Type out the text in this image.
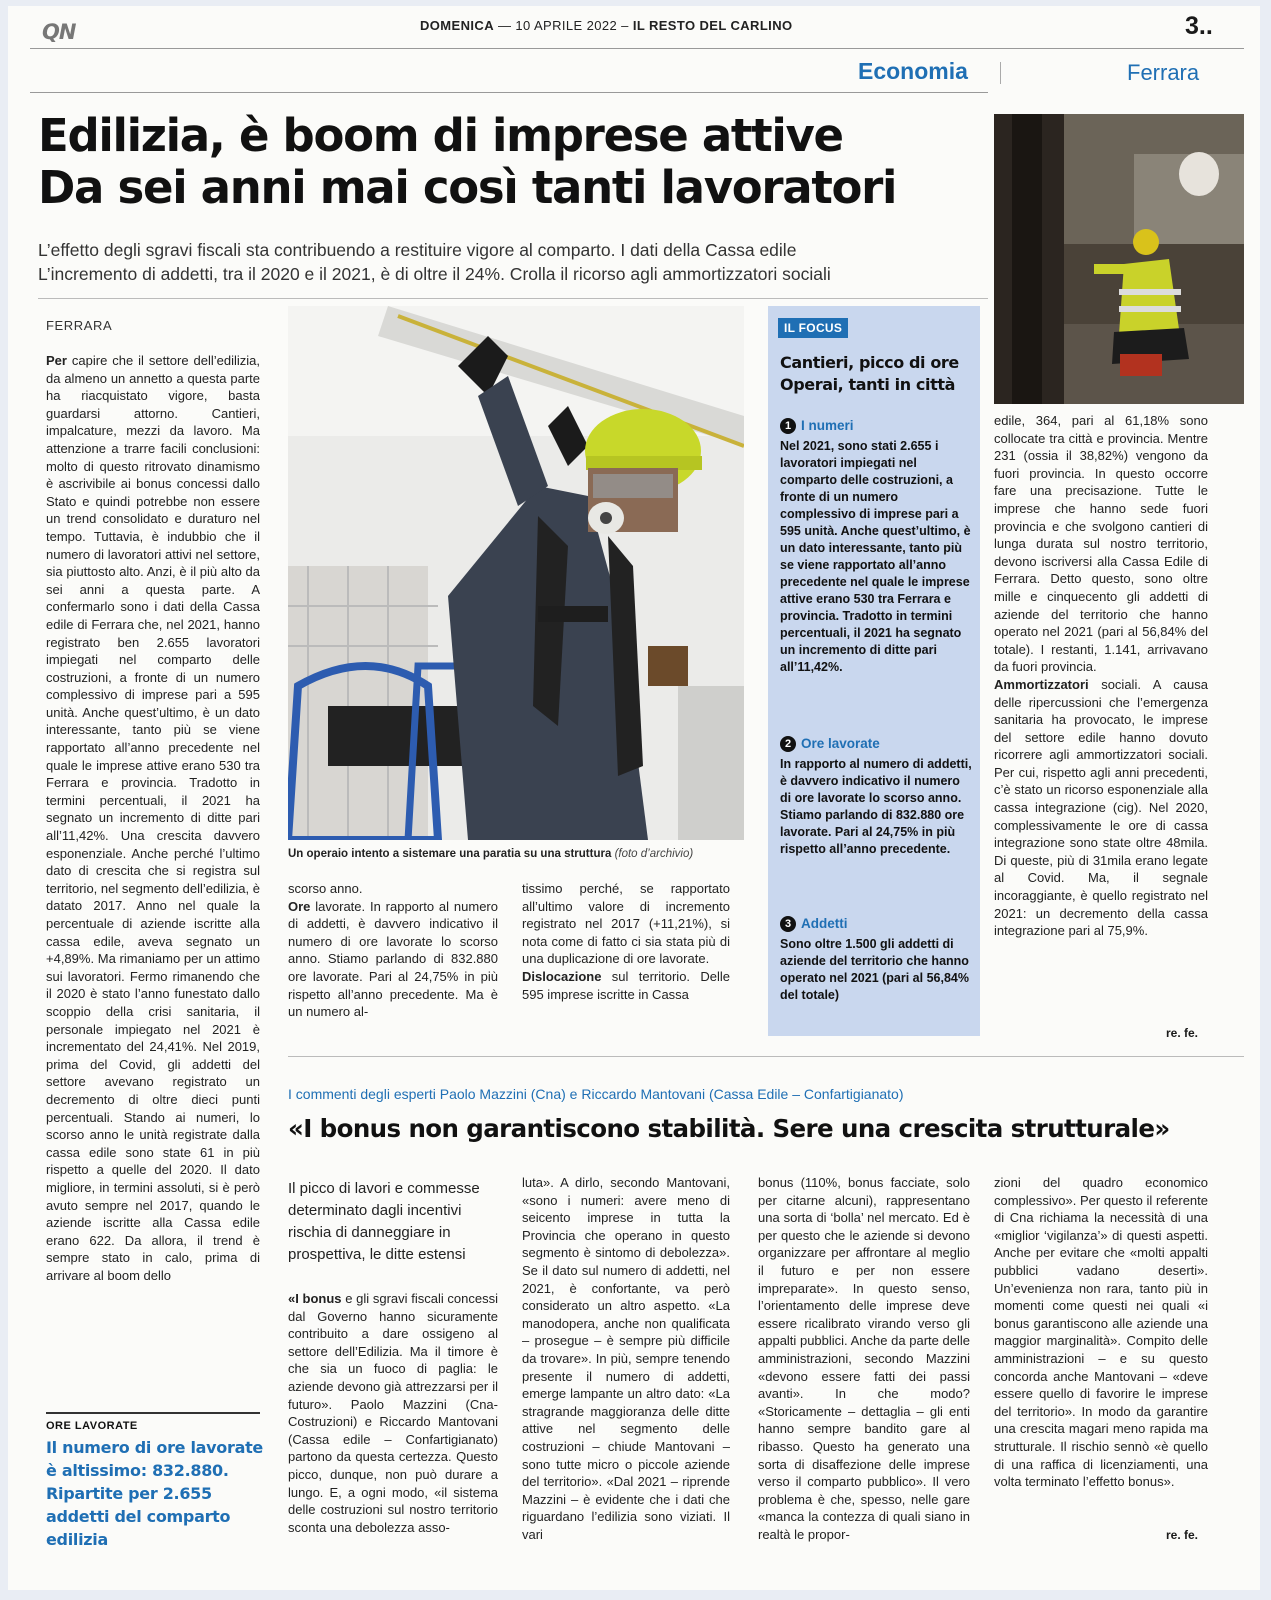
QN	DOMENICA — 10 APRILE 2022 – IL RESTO DEL CARLINO	3..
Economia	Ferrara
Edilizia, è boom di imprese attive
Da sei anni mai così tanti lavoratori
L’effetto degli sgravi fiscali sta contribuendo a restituire vigore al comparto. I dati della Cassa edile
L’incremento di addetti, tra il 2020 e il 2021, è di oltre il 24%. Crolla il ricorso agli ammortizzatori sociali
FERRARA
Per capire che il settore dell’edilizia, da almeno un annetto a questa parte ha riacquistato vigore, basta guardarsi attorno. Cantieri, impalcature, mezzi da lavoro. Ma attenzione a trarre facili conclusioni: molto di questo ritrovato dinamismo è ascrivibile ai bonus concessi dallo Stato e quindi potrebbe non essere un trend consolidato e duraturo nel tempo. Tuttavia, è indubbio che il numero di lavoratori attivi nel settore, sia piuttosto alto. Anzi, è il più alto da sei anni a questa parte. A confermarlo sono i dati della Cassa edile di Ferrara che, nel 2021, hanno registrato ben 2.655 lavoratori impiegati nel comparto delle costruzioni, a fronte di un numero complessivo di imprese pari a 595 unità. Anche quest’ultimo, è un dato interessante, tanto più se viene rapportato all’anno precedente nel quale le imprese attive erano 530 tra Ferrara e provincia. Tradotto in termini percentuali, il 2021 ha segnato un incremento di ditte pari all’11,42%. Una crescita davvero esponenziale. Anche perché l’ultimo dato di crescita che si registra sul territorio, nel segmento dell’edilizia, è datato 2017. Anno nel quale la percentuale di aziende iscritte alla cassa edile, aveva segnato un +4,89%. Ma rimaniamo per un attimo sui lavoratori. Fermo rimanendo che il 2020 è stato l’anno funestato dallo scoppio della crisi sanitaria, il personale impiegato nel 2021 è incrementato del 24,41%. Nel 2019, prima del Covid, gli addetti del settore avevano registrato un decremento di oltre dieci punti percentuali. Stando ai numeri, lo scorso anno le unità registrate dalla cassa edile sono state 61 in più rispetto a quelle del 2020. Il dato migliore, in termini assoluti, si è però avuto sempre nel 2017, quando le aziende iscritte alla Cassa edile erano 622. Da allora, il trend è sempre stato in calo, prima di arrivare al boom dello
ORE LAVORATE
Il numero di ore lavorate è altissimo: 832.880. Ripartite per 2.655 addetti del comparto edilizia
Un operaio intento a sistemare una paratia su una struttura (foto d’archivio)
scorso anno.
Ore lavorate. In rapporto al numero di addetti, è davvero indicativo il numero di ore lavorate lo scorso anno. Stiamo parlando di 832.880 ore lavorate. Pari al 24,75% in più rispetto all’anno precedente. Ma è un numero al-
tissimo perché, se rapportato all’ultimo valore di incremento registrato nel 2017 (+11,21%), si nota come di fatto ci sia stata più di una duplicazione di ore lavorate.
Dislocazione sul territorio. Delle 595 imprese iscritte in Cassa
IL FOCUS
Cantieri, picco di ore
Operai, tanti in città
1 I numeri
Nel 2021, sono stati 2.655 i lavoratori impiegati nel comparto delle costruzioni, a fronte di un numero complessivo di imprese pari a 595 unità. Anche quest’ultimo, è un dato interessante, tanto più se viene rapportato all’anno precedente nel quale le imprese attive erano 530 tra Ferrara e provincia. Tradotto in termini percentuali, il 2021 ha segnato un incremento di ditte pari all’11,42%.
2 Ore lavorate
In rapporto al numero di addetti, è davvero indicativo il numero di ore lavorate lo scorso anno. Stiamo parlando di 832.880 ore lavorate. Pari al 24,75% in più rispetto all’anno precedente.
3 Addetti
Sono oltre 1.500 gli addetti di aziende del territorio che hanno operato nel 2021 (pari al 56,84% del totale)
edile, 364, pari al 61,18% sono collocate tra città e provincia. Mentre 231 (ossia il 38,82%) vengono da fuori provincia. In questo occorre fare una precisazione. Tutte le imprese che hanno sede fuori provincia e che svolgono cantieri di lunga durata sul nostro territorio, devono iscriversi alla Cassa Edile di Ferrara. Detto questo, sono oltre mille e cinquecento gli addetti di aziende del territorio che hanno operato nel 2021 (pari al 56,84% del totale). I restanti, 1.141, arrivavano da fuori provincia.
Ammortizzatori sociali. A causa delle ripercussioni che l’emergenza sanitaria ha provocato, le imprese del settore edile hanno dovuto ricorrere agli ammortizzatori sociali. Per cui, rispetto agli anni precedenti, c’è stato un ricorso esponenziale alla cassa integrazione (cig). Nel 2020, complessivamente le ore di cassa integrazione sono state oltre 48mila. Di queste, più di 31mila erano legate al Covid. Ma, il segnale incoraggiante, è quello registrato nel 2021: un decremento della cassa integrazione pari al 75,9%.
re. fe.
I commenti degli esperti Paolo Mazzini (Cna) e Riccardo Mantovani (Cassa Edile – Confartigianato)
«I bonus non garantiscono stabilità. Sere una crescita strutturale»
Il picco di lavori e commesse determinato dagli incentivi rischia di danneggiare in prospettiva, le ditte estensi
«I bonus e gli sgravi fiscali concessi dal Governo hanno sicuramente contribuito a dare ossigeno al settore dell’Edilizia. Ma il timore è che sia un fuoco di paglia: le aziende devono già attrezzarsi per il futuro». Paolo Mazzini (Cna-Costruzioni) e Riccardo Mantovani (Cassa edile – Confartigianato) partono da questa certezza. Questo picco, dunque, non può durare a lungo. E, a ogni modo, «il sistema delle costruzioni sul nostro territorio sconta una debolezza asso-
luta». A dirlo, secondo Mantovani, «sono i numeri: avere meno di seicento imprese in tutta la Provincia che operano in questo segmento è sintomo di debolezza». Se il dato sul numero di addetti, nel 2021, è confortante, va però considerato un altro aspetto. «La manodopera, anche non qualificata – prosegue – è sempre più difficile da trovare». In più, sempre tenendo presente il numero di addetti, emerge lampante un altro dato: «La stragrande maggioranza delle ditte attive nel segmento delle costruzioni – chiude Mantovani – sono tutte micro o piccole aziende del territorio». «Dal 2021 – riprende Mazzini – è evidente che i dati che riguardano l’edilizia sono viziati. Il vari
bonus (110%, bonus facciate, solo per citarne alcuni), rappresentano una sorta di ‘bolla’ nel mercato. Ed è per questo che le aziende si devono organizzare per affrontare al meglio il futuro e per non essere impreparate». In questo senso, l’orientamento delle imprese deve essere ricalibrato virando verso gli appalti pubblici. Anche da parte delle amministrazioni, secondo Mazzini «devono essere fatti dei passi avanti». In che modo? «Storicamente – dettaglia – gli enti hanno sempre bandito gare al ribasso. Questo ha generato una sorta di disaffezione delle imprese verso il comparto pubblico». Il vero problema è che, spesso, nelle gare «manca la contezza di quali siano in realtà le propor-
zioni del quadro economico complessivo». Per questo il referente di Cna richiama la necessità di una «miglior ‘vigilanza’» di questi aspetti. Anche per evitare che «molti appalti pubblici vadano deserti». Un’evenienza non rara, tanto più in momenti come questi nei quali «i bonus garantiscono alle aziende una maggior marginalità». Compito delle amministrazioni – e su questo concorda anche Mantovani – «deve essere quello di favorire le imprese del territorio». In modo da garantire una crescita magari meno rapida ma strutturale. Il rischio sennò «è quello di una raffica di licenziamenti, una volta terminato l’effetto bonus».
re. fe.
